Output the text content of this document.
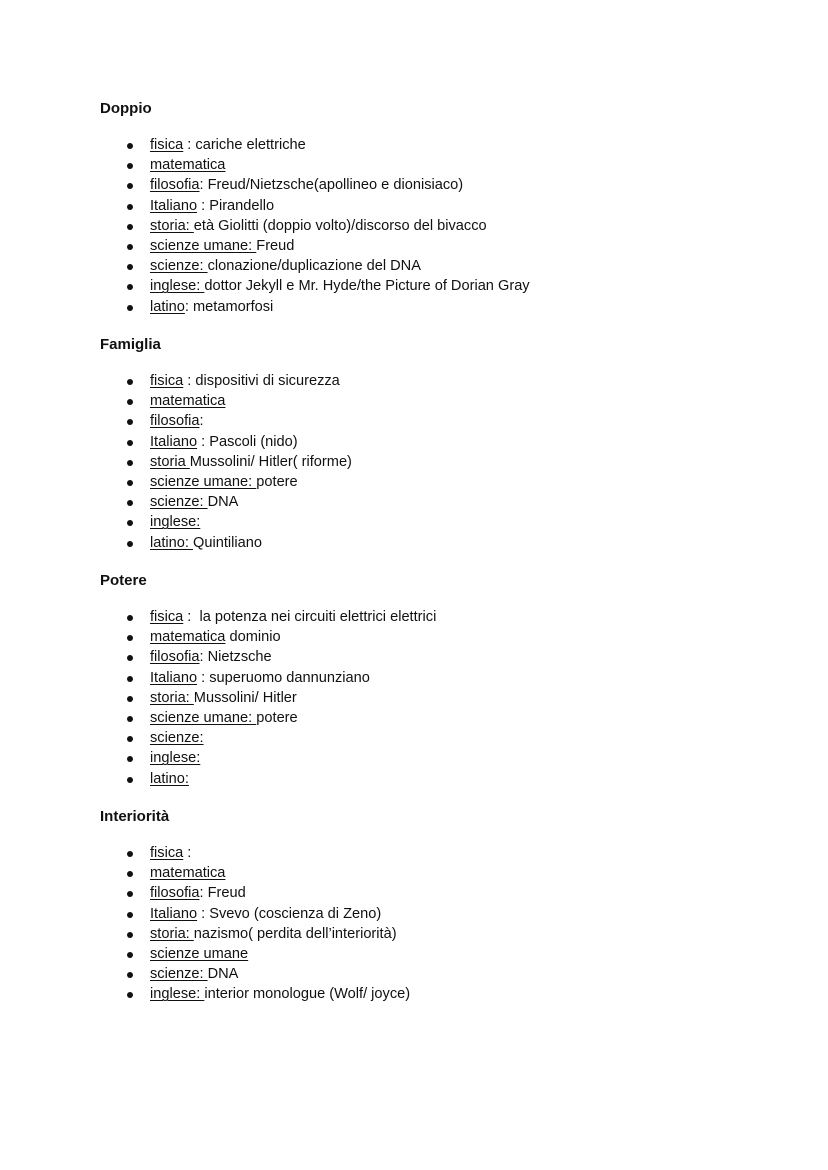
Doppio
fisica : cariche elettriche
matematica
filosofia: Freud/Nietzsche(apollineo e dionisiaco)
Italiano : Pirandello
storia: età Giolitti (doppio volto)/discorso del bivacco
scienze umane: Freud
scienze: clonazione/duplicazione del DNA
inglese: dottor Jekyll e Mr. Hyde/the Picture of Dorian Gray
latino: metamorfosi
Famiglia
fisica : dispositivi di sicurezza
matematica
filosofia:
Italiano : Pascoli (nido)
storia Mussolini/ Hitler( riforme)
scienze umane: potere
scienze: DNA
inglese:
latino: Quintiliano
Potere
fisica :  la potenza nei circuiti elettrici elettrici
matematica dominio
filosofia: Nietzsche
Italiano : superuomo dannunziano
storia: Mussolini/ Hitler
scienze umane: potere
scienze:
inglese:
latino:
Interiorità
fisica :
matematica
filosofia: Freud
Italiano : Svevo (coscienza di Zeno)
storia: nazismo( perdita dell’interiorità)
scienze umane
scienze: DNA
inglese: interior monologue (Wolf/ joyce)
